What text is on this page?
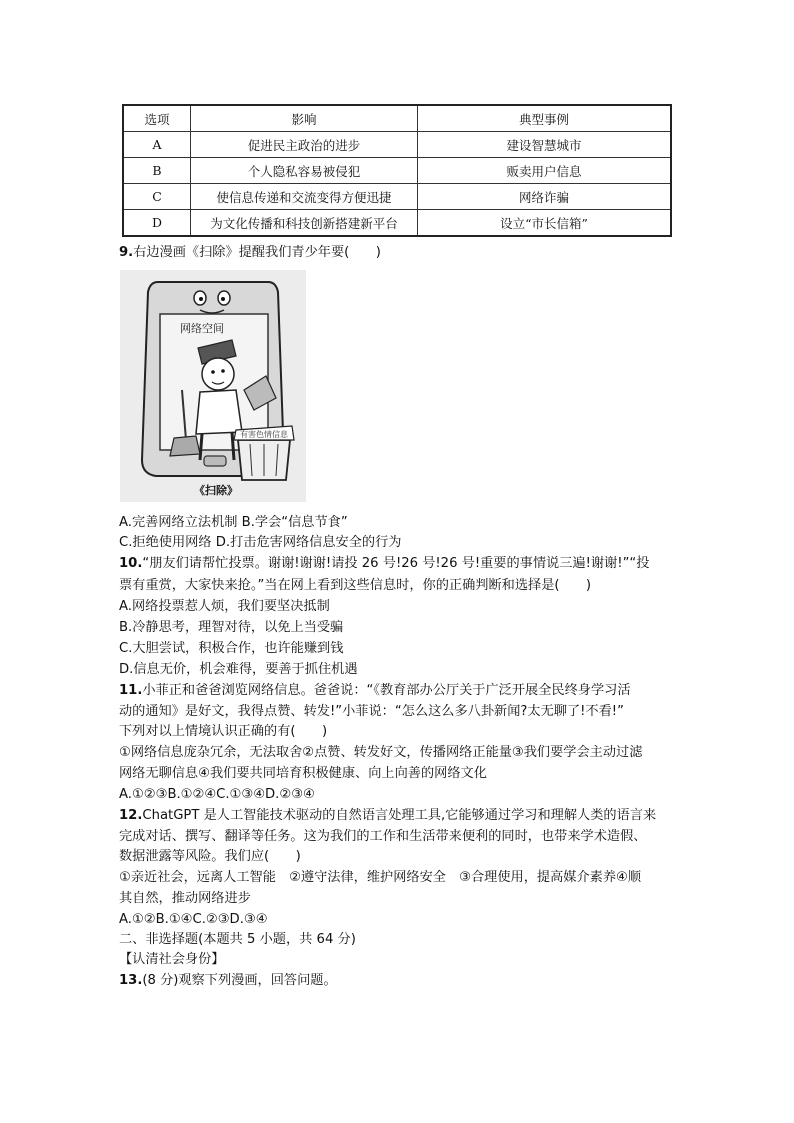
选项	影响	典型事例
A	促进民主政治的进步	建设智慧城市
B	个人隐私容易被侵犯	贩卖用户信息
C	使信息传递和交流变得方便迅捷	网络诈骗
D	为文化传播和科技创新搭建新平台	设立“市长信箱”
9.右边漫画《扫除》提醒我们青少年要(　　)
网络空间
有害色情信息
《扫除》
A.完善网络立法机制 B.学会“信息节食”
C.拒绝使用网络 D.打击危害网络信息安全的行为
10.“朋友们请帮忙投票。谢谢!谢谢!请投 26 号!26 号!26 号!重要的事情说三遍!谢谢!”“投
票有重赏，大家快来抢。”当在网上看到这些信息时，你的正确判断和选择是(　　)
A.网络投票惹人烦，我们要坚决抵制
B.冷静思考，理智对待，以免上当受骗
C.大胆尝试，积极合作，也许能赚到钱
D.信息无价，机会难得，要善于抓住机遇
11.小菲正和爸爸浏览网络信息。爸爸说：“《教育部办公厅关于广泛开展全民终身学习活
动的通知》是好文，我得点赞、转发!”小菲说：“怎么这么多八卦新闻?太无聊了!不看!”
下列对以上情境认识正确的有(　　)
①网络信息庞杂冗余，无法取舍②点赞、转发好文，传播网络正能量③我们要学会主动过滤
网络无聊信息④我们要共同培育积极健康、向上向善的网络文化
A.①②③B.①②④C.①③④D.②③④
12.ChatGPT 是人工智能技术驱动的自然语言处理工具,它能够通过学习和理解人类的语言来
完成对话、撰写、翻译等任务。这为我们的工作和生活带来便利的同时，也带来学术造假、
数据泄露等风险。我们应(　　)
①亲近社会，远离人工智能　②遵守法律，维护网络安全　③合理使用，提高媒介素养④顺
其自然，推动网络进步
A.①②B.①④C.②③D.③④
二、非选择题(本题共 5 小题，共 64 分)
【认清社会身份】
13.(8 分)观察下列漫画，回答问题。
